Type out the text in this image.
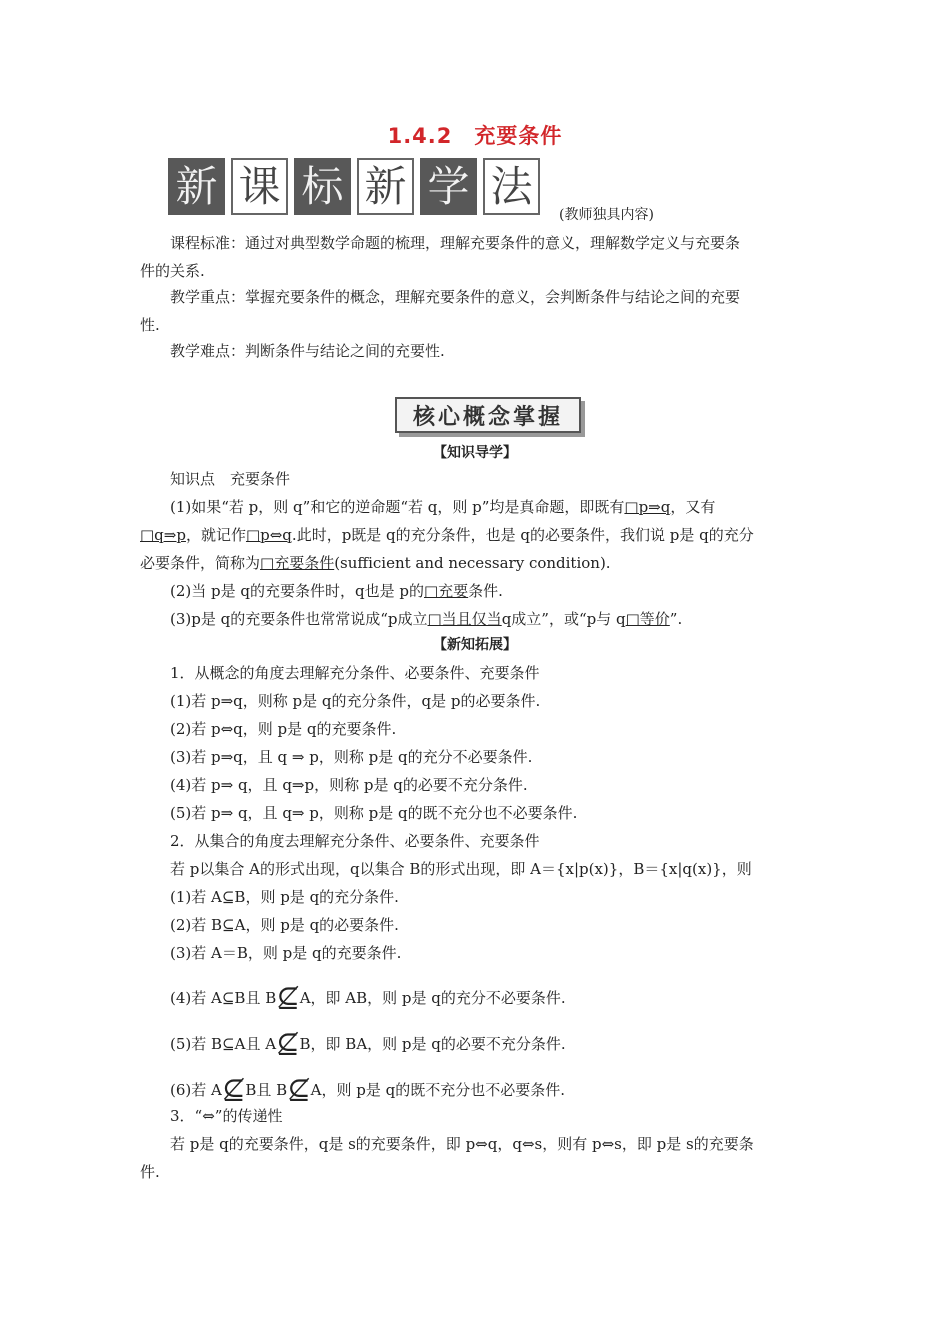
1.4.2　充要条件
新 课 标 新 学 法
(教师独具内容)
课程标准：通过对典型数学命题的梳理，理解充要条件的意义，理解数学定义与充要条
件的关系.
教学重点：掌握充要条件的概念，理解充要条件的意义，会判断条件与结论之间的充要
性.
教学难点：判断条件与结论之间的充要性.
核心概念掌握
【知识导学】
知识点　充要条件
(1)如果“若 p，则 q”和它的逆命题“若 q，则 p”均是真命题，即既有□p⇒q，又有
□q⇒p，就记作□p⇔q.此时，p既是 q的充分条件，也是 q的必要条件，我们说 p是 q的充分
必要条件，简称为□充要条件(sufficient and necessary condition).
(2)当 p是 q的充要条件时，q也是 p的□充要条件.
(3)p是 q的充要条件也常常说成“p成立□当且仅当q成立”，或“p与 q□等价”.
【新知拓展】
1．从概念的角度去理解充分条件、必要条件、充要条件
(1)若 p⇒q，则称 p是 q的充分条件，q是 p的必要条件.
(2)若 p⇔q，则 p是 q的充要条件.
(3)若 p⇒q，且 q ⇒ p，则称 p是 q的充分不必要条件.
(4)若 p⇒ q，且 q⇒p，则称 p是 q的必要不充分条件.
(5)若 p⇒ q，且 q⇒ p，则称 p是 q的既不充分也不必要条件.
2．从集合的角度去理解充分条件、必要条件、充要条件
若 p以集合 A的形式出现，q以集合 B的形式出现，即 A＝{x|p(x)}，B＝{x|q(x)}，则
(1)若 A⊆B，则 p是 q的充分条件.
(2)若 B⊆A，则 p是 q的必要条件.
(3)若 A＝B，则 p是 q的充要条件.
(4)若 A⊆B且 B⊈A，即 AB，则 p是 q的充分不必要条件.
(5)若 B⊆A且 A⊈B，即 BA，则 p是 q的必要不充分条件.
(6)若 A⊈B且 B⊈A，则 p是 q的既不充分也不必要条件.
3．“⇔”的传递性
若 p是 q的充要条件，q是 s的充要条件，即 p⇔q，q⇔s，则有 p⇔s，即 p是 s的充要条
件.
